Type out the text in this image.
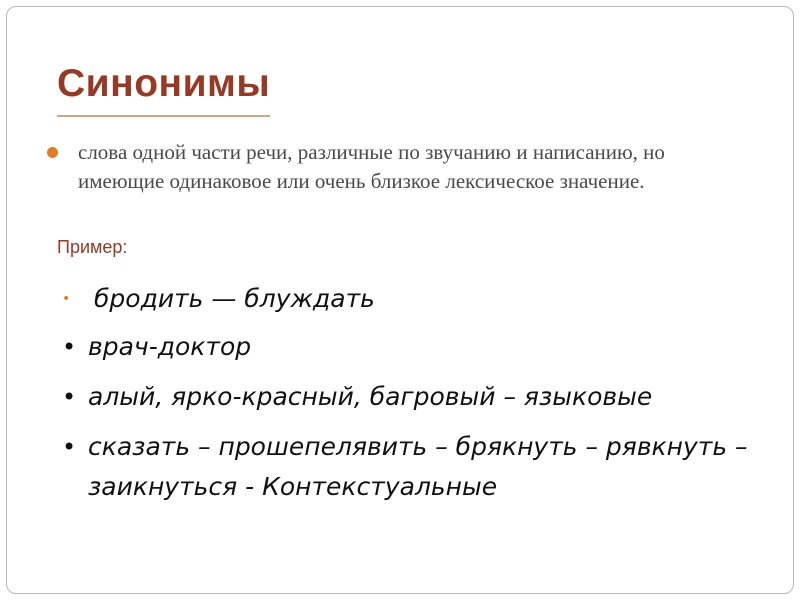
Синонимы
слова одной части речи, различные по звучанию и написанию, но имеющие одинаковое или очень близкое лексическое значение.
Пример:
• бродить — блуждать
• врач-доктор
• алый, ярко-красный, багровый – языковые
• сказать – прошепелявить – брякнуть – рявкнуть – заикнуться - Контекстуальные
